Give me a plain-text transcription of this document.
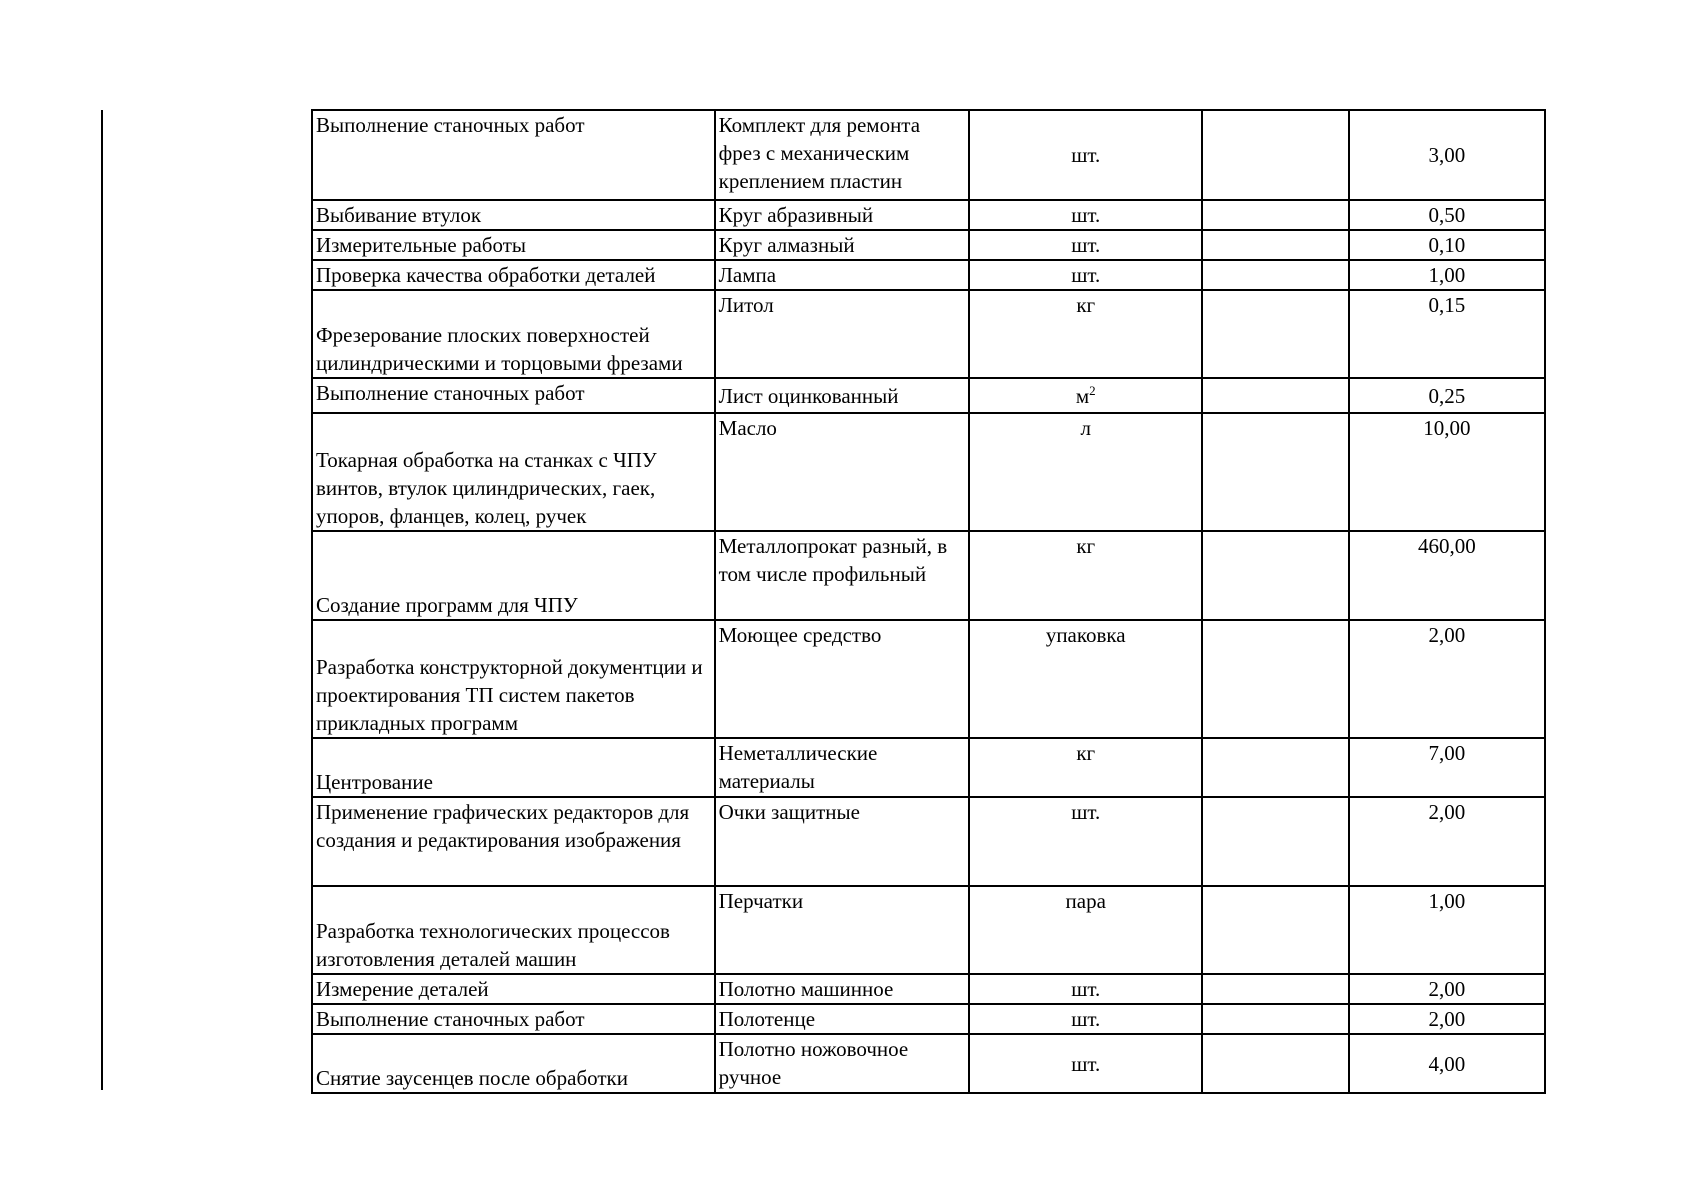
Выполнение станочных работ	Комплект для ремонта фрез с механическим креплением пластин	шт.		3,00
Выбивание втулок	Круг абразивный	шт.		0,50
Измерительные работы	Круг алмазный	шт.		0,10
Проверка качества обработки деталей	Лампа	шт.		1,00
Фрезерование плоских поверхностей цилиндрическими и торцовыми фрезами	Литол	кг		0,15
Выполнение станочных работ	Лист оцинкованный	$м^2$		0,25
Токарная обработка на станках с ЧПУ винтов, втулок цилиндрических, гаек, упоров, фланцев, колец, ручек	Масло	л		10,00
Создание программ для ЧПУ	Металлопрокат разный, в том числе профильный	кг		460,00
Разработка конструкторной документции и проектирования ТП систем пакетов прикладных программ	Моющее средство	упаковка		2,00
Центрование	Неметаллические материалы	кг		7,00
Применение графических редакторов для создания и редактирования изображения	Очки защитные	шт.		2,00
Разработка технологических процессов изготовления деталей машин	Перчатки	пара		1,00
Измерение деталей	Полотно машинное	шт.		2,00
Выполнение станочных работ	Полотенце	шт.		2,00
Снятие заусенцев после обработки	Полотно ножовочное ручное	шт.		4,00
